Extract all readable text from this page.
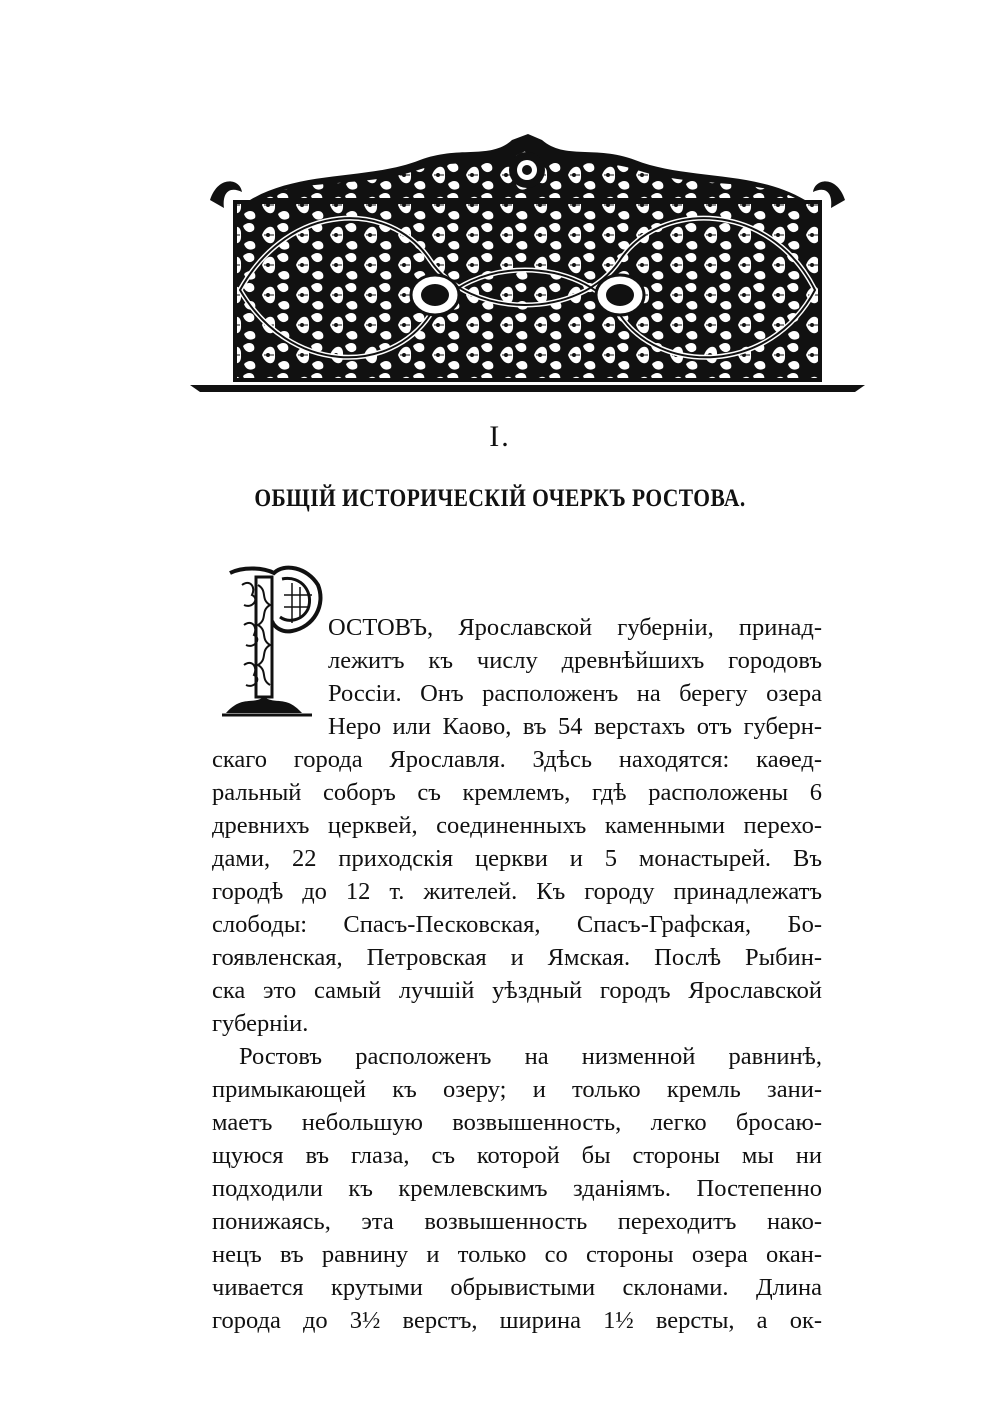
I.
ОБЩІЙ ИСТОРИЧЕСКІЙ ОЧЕРКЪ РОСТОВА.
ОСТОВЪ, Ярославской губерніи, принад-
лежитъ къ числу древнѣйшихъ городовъ
Россіи. Онъ расположенъ на берегу озера
Неро или Каово, въ 54 верстахъ отъ губерн-
скаго города Ярославля. Здѣсь находятся: каѳед-
ральный соборъ съ кремлемъ, гдѣ расположены 6
древнихъ церквей, соединенныхъ каменными перехо-
дами, 22 приходскія церкви и 5 монастырей. Въ
городѣ до 12 т. жителей. Къ городу принадлежатъ
слободы: Спасъ-Песковская, Спасъ-Графская, Бо-
гоявленская, Петровская и Ямская. Послѣ Рыбин-
ска это самый лучшій уѣздный городъ Ярославской
губерніи.
Ростовъ расположенъ на низменной равнинѣ,
примыкающей къ озеру; и только кремль зани-
маетъ небольшую возвышенность, легко бросаю-
щуюся въ глаза, съ которой бы стороны мы ни
подходили къ кремлевскимъ зданіямъ. Постепенно
понижаясь, эта возвышенность переходитъ нако-
нецъ въ равнину и только со стороны озера окан-
чивается крутыми обрывистыми склонами. Длина
города до 3½ верстъ, ширина 1½ версты, а ок-
